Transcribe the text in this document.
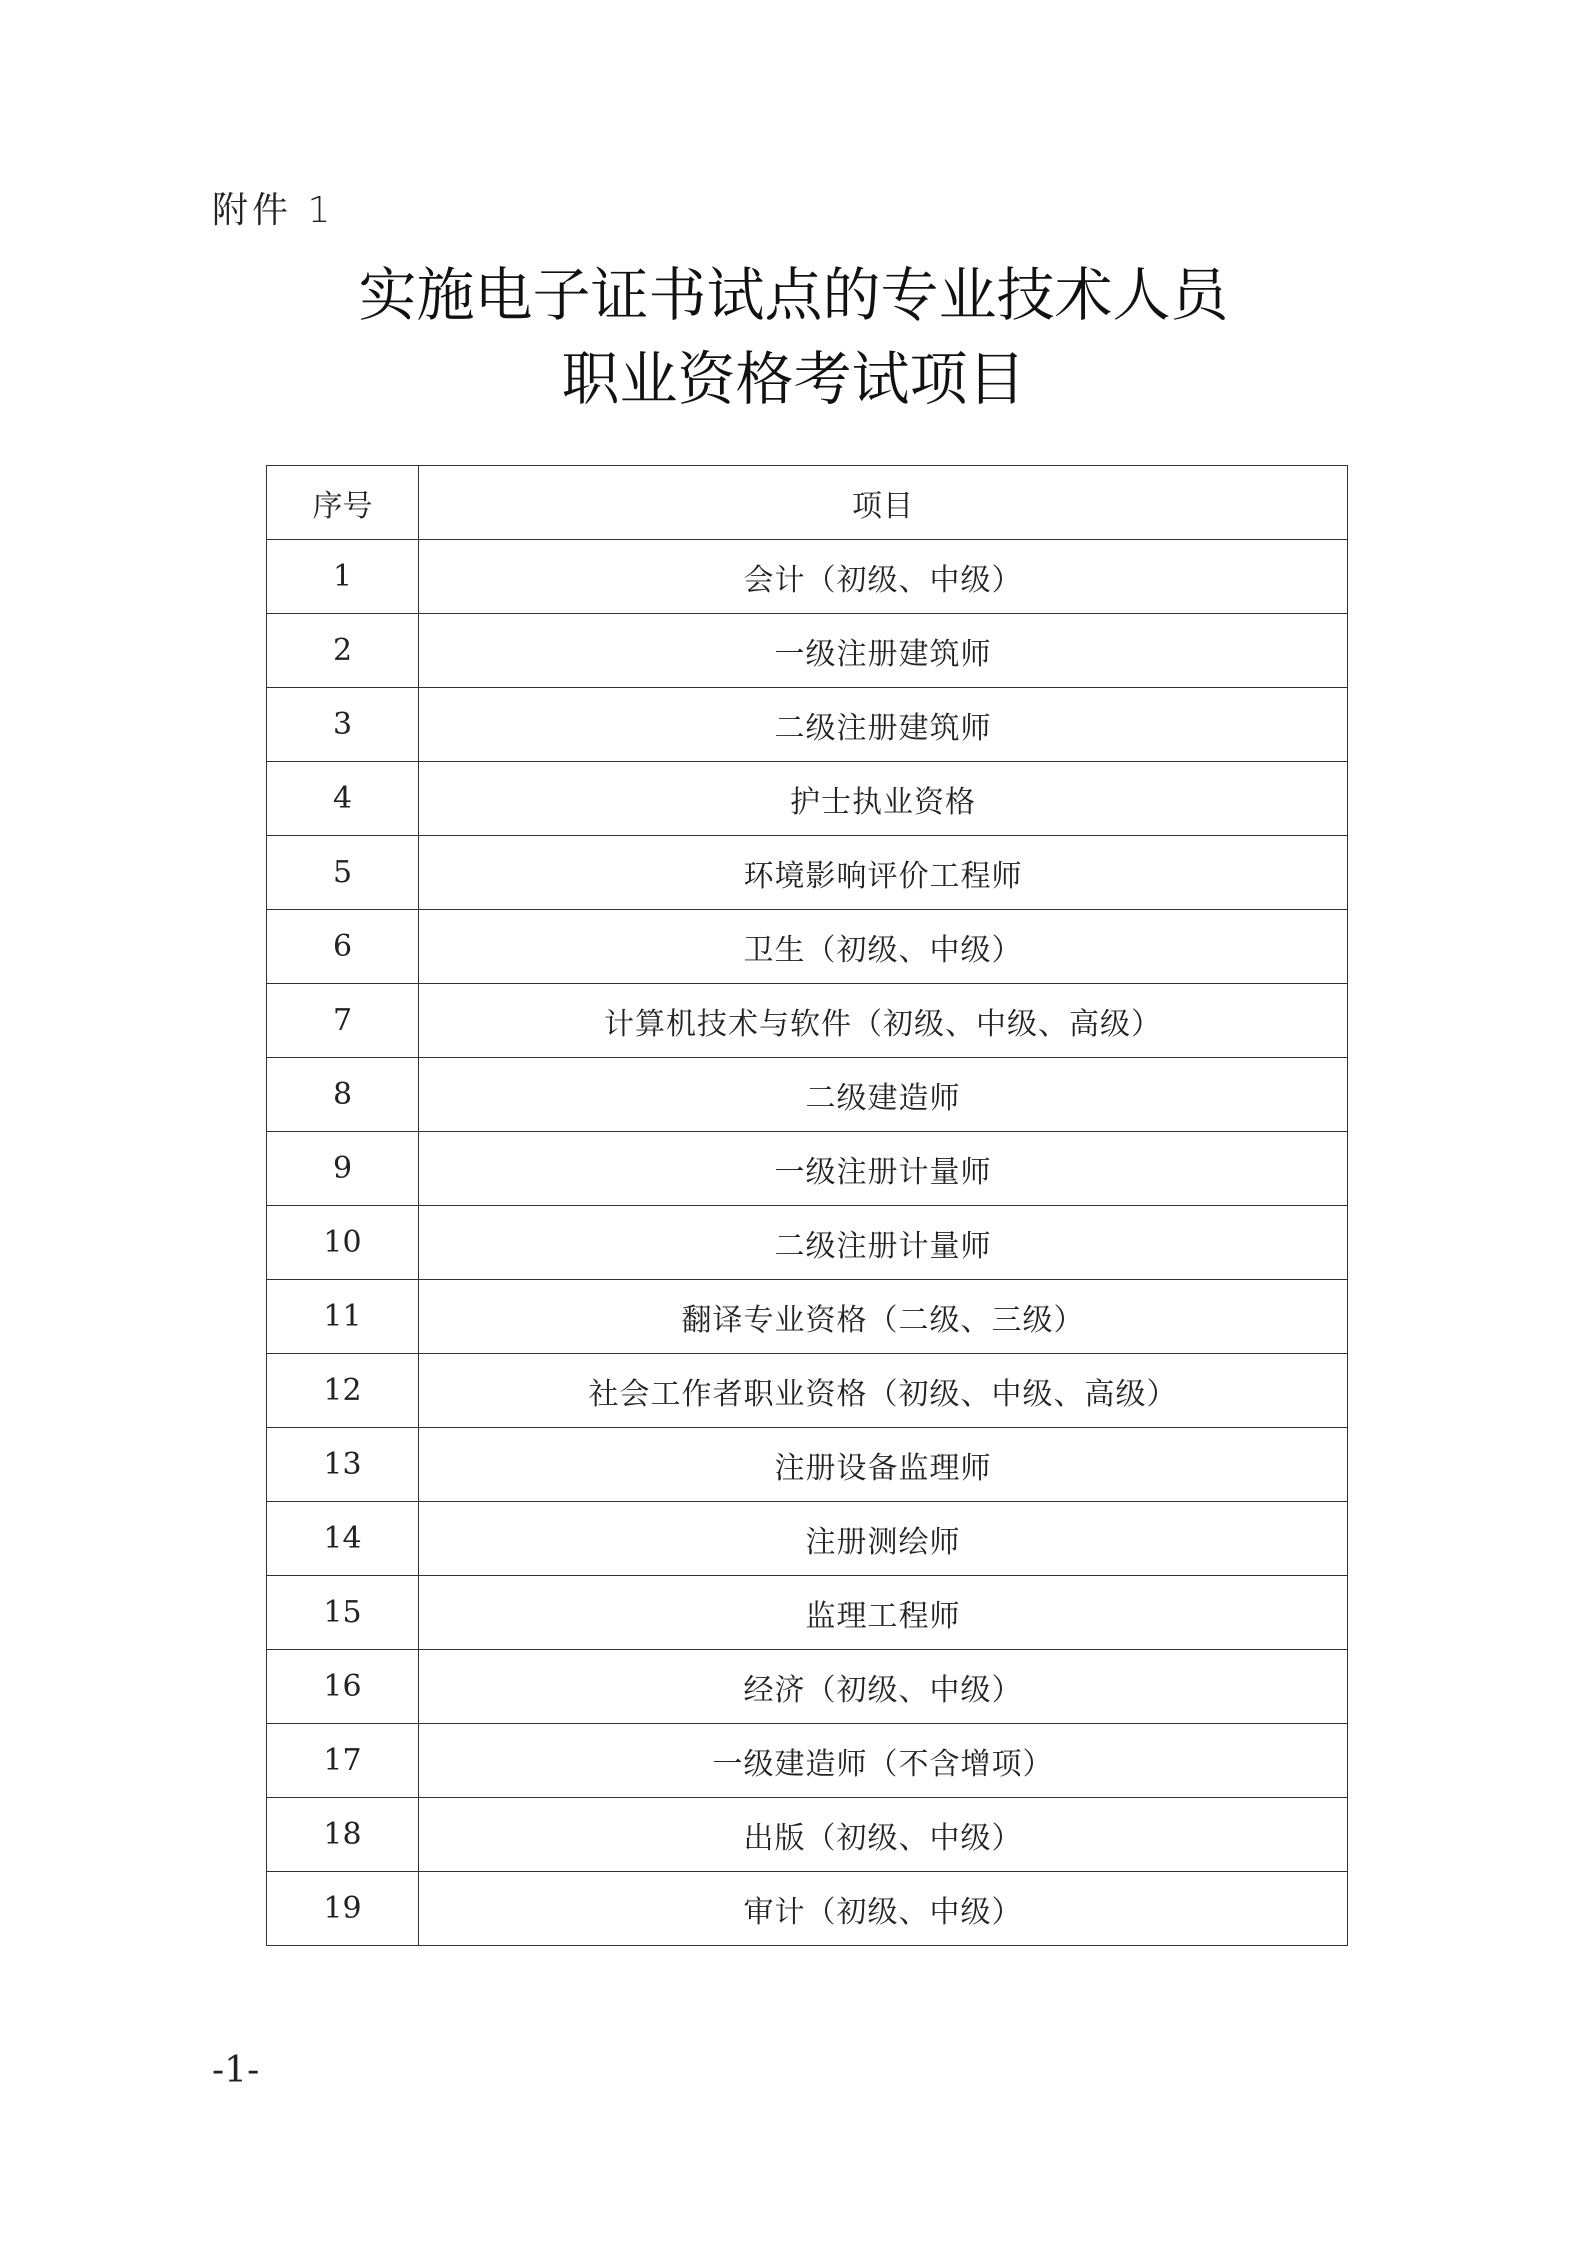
附件 1
实施电子证书试点的专业技术人员
职业资格考试项目
序号	项目
1	会计（初级、中级）
2	一级注册建筑师
3	二级注册建筑师
4	护士执业资格
5	环境影响评价工程师
6	卫生（初级、中级）
7	计算机技术与软件（初级、中级、高级）
8	二级建造师
9	一级注册计量师
10	二级注册计量师
11	翻译专业资格（二级、三级）
12	社会工作者职业资格（初级、中级、高级）
13	注册设备监理师
14	注册测绘师
15	监理工程师
16	经济（初级、中级）
17	一级建造师（不含增项）
18	出版（初级、中级）
19	审计（初级、中级）
-1-
